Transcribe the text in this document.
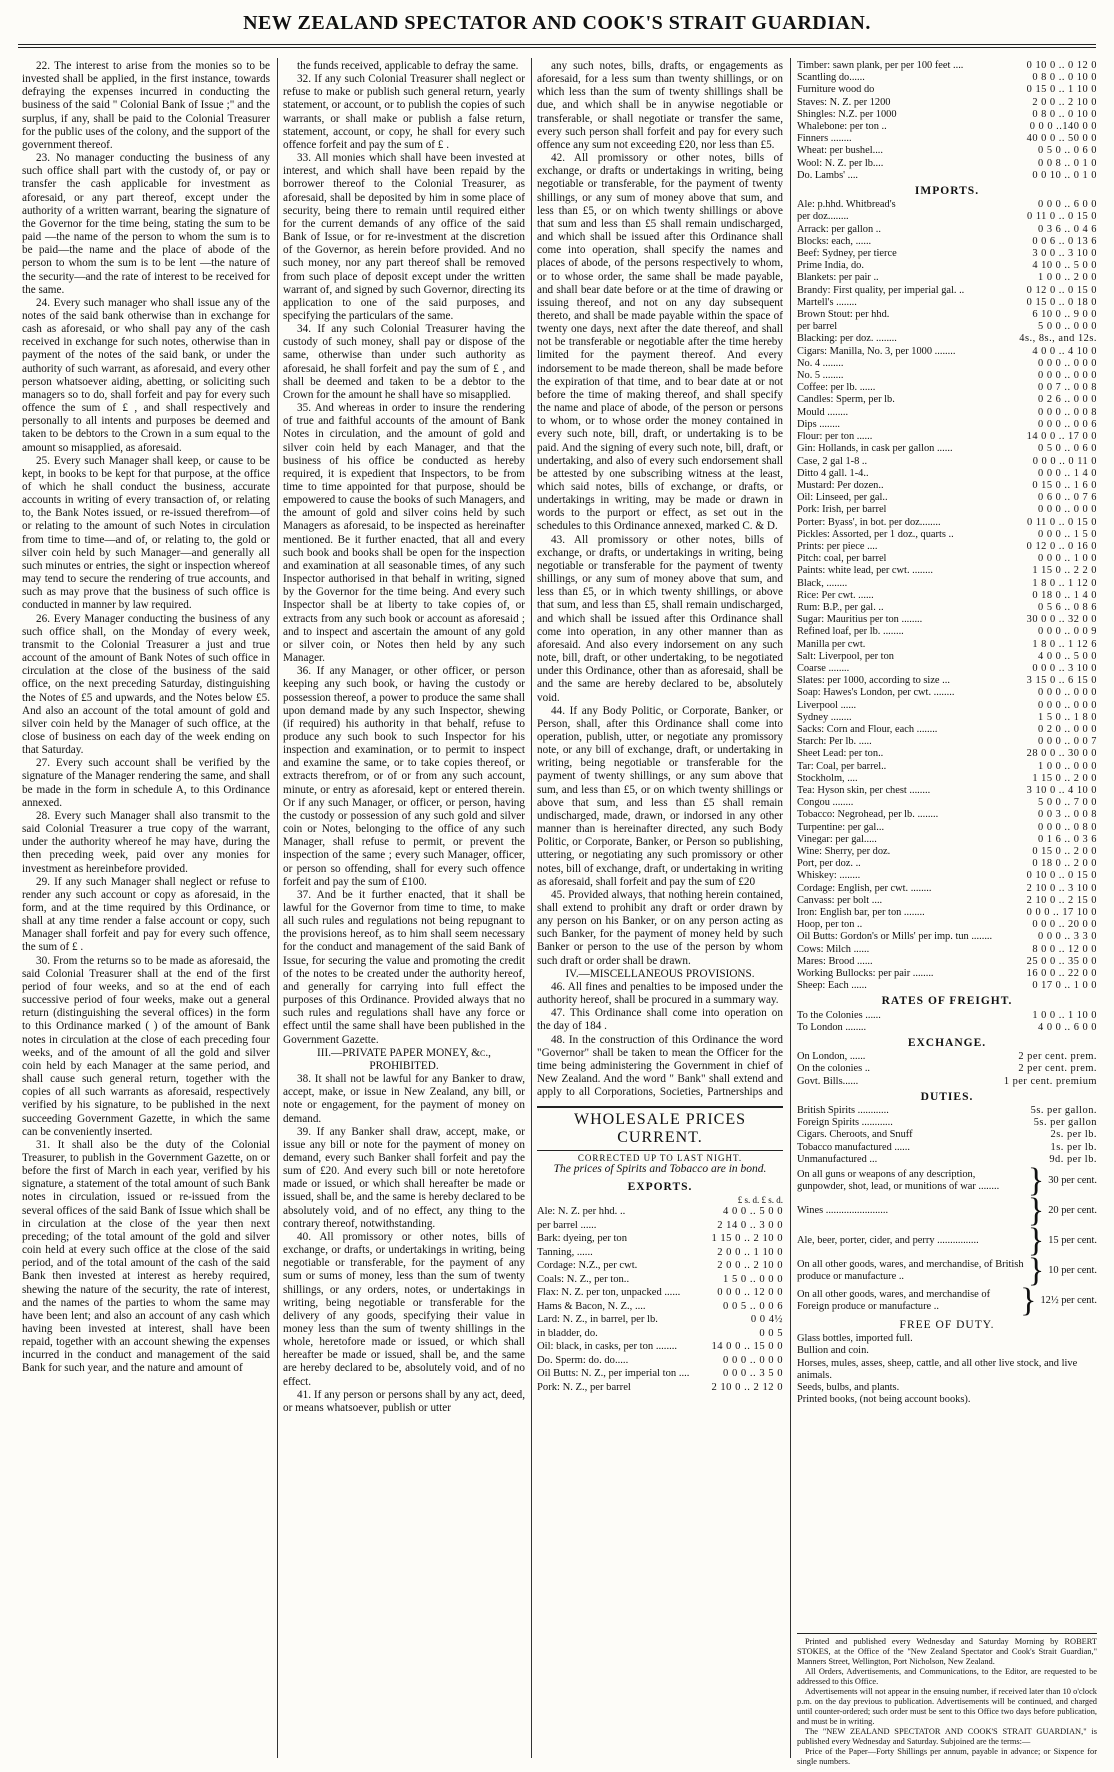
NEW ZEALAND SPECTATOR AND COOK'S STRAIT GUARDIAN.

22. The interest to arise from the monies so to be invested shall be applied, in the first instance, towards defraying the expenses incurred in conducting the business of the said " Colonial Bank of Issue ;" and the surplus, if any, shall be paid to the Colonial Treasurer for the public uses of the colony, and the support of the government thereof.

23. No manager conducting the business of any such office shall part with the custody of, or pay or transfer the cash applicable for investment as aforesaid, or any part thereof, except under the authority of a written warrant, bearing the signature of the Governor for the time being, stating the sum to be paid —the name of the person to whom the sum is to be paid—the name and the place of abode of the person to whom the sum is to be lent —the nature of the security—and the rate of interest to be received for the same.

24. Every such manager who shall issue any of the notes of the said bank otherwise than in exchange for cash as aforesaid, or who shall pay any of the cash received in exchange for such notes, otherwise than in payment of the notes of the said bank, or under the authority of such warrant, as aforesaid, and every other person whatsoever aiding, abetting, or soliciting such managers so to do, shall forfeit and pay for every such offence the sum of £ , and shall respectively and personally to all intents and purposes be deemed and taken to be debtors to the Crown in a sum equal to the amount so misapplied, as aforesaid.

25. Every such Manager shall keep, or cause to be kept, in books to be kept for that purpose, at the office of which he shall conduct the business, accurate accounts in writing of every transaction of, or relating to, the Bank Notes issued, or re-issued therefrom—of or relating to the amount of such Notes in circulation from time to time—and of, or relating to, the gold or silver coin held by such Manager—and generally all such minutes or entries, the sight or inspection whereof may tend to secure the rendering of true accounts, and such as may prove that the business of such office is conducted in manner by law required.

26. Every Manager conducting the business of any such office shall, on the Monday of every week, transmit to the Colonial Treasurer a just and true account of the amount of Bank Notes of such office in circulation at the close of the business of the said office, on the next preceding Saturday, distinguishing the Notes of £5 and upwards, and the Notes below £5. And also an account of the total amount of gold and silver coin held by the Manager of such office, at the close of business on each day of the week ending on that Saturday.

27. Every such account shall be verified by the signature of the Manager rendering the same, and shall be made in the form in schedule A, to this Ordinance annexed.

28. Every such Manager shall also transmit to the said Colonial Treasurer a true copy of the warrant, under the authority whereof he may have, during the then preceding week, paid over any monies for investment as hereinbefore provided.

29. If any such Manager shall neglect or refuse to render any such account or copy as aforesaid, in the form, and at the time required by this Ordinance, or shall at any time render a false account or copy, such Manager shall forfeit and pay for every such offence, the sum of £ .

30. From the returns so to be made as aforesaid, the said Colonial Treasurer shall at the end of the first period of four weeks, and so at the end of each successive period of four weeks, make out a general return (distinguishing the several offices) in the form to this Ordinance marked ( ) of the amount of Bank notes in circulation at the close of each preceding four weeks, and of the amount of all the gold and silver coin held by each Manager at the same period, and shall cause such general return, together with the copies of all such warrants as aforesaid, respectively verified by his signature, to be published in the next succeeding Government Gazette, in which the same can be conveniently inserted.

31. It shall also be the duty of the Colonial Treasurer, to publish in the Government Gazette, on or before the first of March in each year, verified by his signature, a statement of the total amount of such Bank notes in circulation, issued or re-issued from the several offices of the said Bank of Issue which shall be in circulation at the close of the year then next preceding; of the total amount of the gold and silver coin held at every such office at the close of the said period, and of the total amount of the cash of the said Bank then invested at interest as hereby required, shewing the nature of the security, the rate of interest, and the names of the parties to whom the same may have been lent; and also an account of any cash which having been invested at interest, shall have been repaid, together with an account shewing the expenses incurred in the conduct and management of the said Bank for such year, and the nature and amount of

the funds received, applicable to defray the same.

32. If any such Colonial Treasurer shall neglect or refuse to make or publish such general return, yearly statement, or account, or to publish the copies of such warrants, or shall make or publish a false return, statement, account, or copy, he shall for every such offence forfeit and pay the sum of £ .

33. All monies which shall have been invested at interest, and which shall have been repaid by the borrower thereof to the Colonial Treasurer, as aforesaid, shall be deposited by him in some place of security, being there to remain until required either for the current demands of any office of the said Bank of Issue, or for re-investment at the discretion of the Governor, as herein before provided. And no such money, nor any part thereof shall be removed from such place of deposit except under the written warrant of, and signed by such Governor, directing its application to one of the said purposes, and specifying the particulars of the same.

34. If any such Colonial Treasurer having the custody of such money, shall pay or dispose of the same, otherwise than under such authority as aforesaid, he shall forfeit and pay the sum of £ , and shall be deemed and taken to be a debtor to the Crown for the amount he shall have so misapplied.

35. And whereas in order to insure the rendering of true and faithful accounts of the amount of Bank Notes in circulation, and the amount of gold and silver coin held by each Manager, and that the business of his office be conducted as hereby required, it is expedient that Inspectors, to be from time to time appointed for that purpose, should be empowered to cause the books of such Managers, and the amount of gold and silver coins held by such Managers as aforesaid, to be inspected as hereinafter mentioned. Be it further enacted, that all and every such book and books shall be open for the inspection and examination at all seasonable times, of any such Inspector authorised in that behalf in writing, signed by the Governor for the time being. And every such Inspector shall be at liberty to take copies of, or extracts from any such book or account as aforesaid ; and to inspect and ascertain the amount of any gold or silver coin, or Notes then held by any such Manager.

36. If any Manager, or other officer, or person keeping any such book, or having the custody or possession thereof, a power to produce the same shall upon demand made by any such Inspector, shewing (if required) his authority in that behalf, refuse to produce any such book to such Inspector for his inspection and examination, or to permit to inspect and examine the same, or to take copies thereof, or extracts therefrom, or of or from any such account, minute, or entry as aforesaid, kept or entered therein. Or if any such Manager, or officer, or person, having the custody or possession of any such gold and silver coin or Notes, belonging to the office of any such Manager, shall refuse to permit, or prevent the inspection of the same ; every such Manager, officer, or person so offending, shall for every such offence forfeit and pay the sum of £100.

37. And be it further enacted, that it shall be lawful for the Governor from time to time, to make all such rules and regulations not being repugnant to the provisions hereof, as to him shall seem necessary for the conduct and management of the said Bank of Issue, for securing the value and promoting the credit of the notes to be created under the authority hereof, and generally for carrying into full effect the purposes of this Ordinance. Provided always that no such rules and regulations shall have any force or effect until the same shall have been published in the Government Gazette.

III.—PRIVATE PAPER MONEY, &c., PROHIBITED.

38. It shall not be lawful for any Banker to draw, accept, make, or issue in New Zealand, any bill, or note or engagement, for the payment of money on demand.

39. If any Banker shall draw, accept, make, or issue any bill or note for the payment of money on demand, every such Banker shall forfeit and pay the sum of £20. And every such bill or note heretofore made or issued, or which shall hereafter be made or issued, shall be, and the same is hereby declared to be absolutely void, and of no effect, any thing to the contrary thereof, notwithstanding.

40. All promissory or other notes, bills of exchange, or drafts, or undertakings in writing, being negotiable or transferable, for the payment of any sum or sums of money, less than the sum of twenty shillings, or any orders, notes, or undertakings in writing, being negotiable or transferable for the delivery of any goods, specifying their value in money less than the sum of twenty shillings in the whole, heretofore made or issued, or which shall hereafter be made or issued, shall be, and the same are hereby declared to be, absolutely void, and of no effect.

41. If any person or persons shall by any act, deed, or means whatsoever, publish or utter

any such notes, bills, drafts, or engagements as aforesaid, for a less sum than twenty shillings, or on which less than the sum of twenty shillings shall be due, and which shall be in anywise negotiable or transferable, or shall negotiate or transfer the same, every such person shall forfeit and pay for every such offence any sum not exceeding £20, nor less than £5.

42. All promissory or other notes, bills of exchange, or drafts or undertakings in writing, being negotiable or transferable, for the payment of twenty shillings, or any sum of money above that sum, and less than £5, or on which twenty shillings or above that sum and less than £5 shall remain undischarged, and which shall be issued after this Ordinance shall come into operation, shall specify the names and places of abode, of the persons respectively to whom, or to whose order, the same shall be made payable, and shall bear date before or at the time of drawing or issuing thereof, and not on any day subsequent thereto, and shall be made payable within the space of twenty one days, next after the date thereof, and shall not be transferable or negotiable after the time hereby limited for the payment thereof. And every indorsement to be made thereon, shall be made before the expiration of that time, and to bear date at or not before the time of making thereof, and shall specify the name and place of abode, of the person or persons to whom, or to whose order the money contained in every such note, bill, draft, or undertaking is to be paid. And the signing of every such note, bill, draft, or undertaking, and also of every such endorsement shall be attested by one subscribing witness at the least, which said notes, bills of exchange, or drafts, or undertakings in writing, may be made or drawn in words to the purport or effect, as set out in the schedules to this Ordinance annexed, marked C. & D.

43. All promissory or other notes, bills of exchange, or drafts, or undertakings in writing, being negotiable or transferable for the payment of twenty shillings, or any sum of money above that sum, and less than £5, or in which twenty shillings, or above that sum, and less than £5, shall remain undischarged, and which shall be issued after this Ordinance shall come into operation, in any other manner than as aforesaid. And also every indorsement on any such note, bill, draft, or other undertaking, to be negotiated under this Ordinance, other than as aforesaid, shall be and the same are hereby declared to be, absolutely void.

44. If any Body Politic, or Corporate, Banker, or Person, shall, after this Ordinance shall come into operation, publish, utter, or negotiate any promissory note, or any bill of exchange, draft, or undertaking in writing, being negotiable or transferable for the payment of twenty shillings, or any sum above that sum, and less than £5, or on which twenty shillings or above that sum, and less than £5 shall remain undischarged, made, drawn, or indorsed in any other manner than is hereinafter directed, any such Body Politic, or Corporate, Banker, or Person so publishing, uttering, or negotiating any such promissory or other notes, bill of exchange, draft, or undertaking in writing as aforesaid, shall forfeit and pay the sum of £20

45. Provided always, that nothing herein contained, shall extend to prohibit any draft or order drawn by any person on his Banker, or on any person acting as such Banker, for the payment of money held by such Banker or person to the use of the person by whom such draft or order shall be drawn.

IV.—MISCELLANEOUS PROVISIONS.

46. All fines and penalties to be imposed under the authority hereof, shall be procured in a summary way.

47. This Ordinance shall come into operation on the day of 184 .

48. In the construction of this Ordinance the word "Governor" shall be taken to mean the Officer for the time being administering the Government in chief of New Zealand. And the word " Bank" shall extend and apply to all Corporations, Societies, Partnerships and

WHOLESALE PRICES CURRENT.
CORRECTED UP TO LAST NIGHT.
The prices of Spirits and Tobacco are in bond.
EXPORTS.
£ s. d. £ s. d.
Ale: N. Z. per hhd. ..	4 0 0 .. 5 0 0
per barrel ......	2 14 0 .. 3 0 0
Bark: dyeing, per ton	1 15 0 .. 2 10 0
Tanning, ......	2 0 0 .. 1 10 0
Cordage: N.Z., per cwt.	2 0 0 .. 2 10 0
Coals: N. Z., per ton..	1 5 0 .. 0 0 0
Flax: N. Z. per ton, unpacked ......	0 0 0 .. 12 0 0
Hams & Bacon, N. Z., ....	0 0 5 .. 0 0 6
Lard: N. Z., in barrel, per lb.	0 0 4½
in bladder, do.	0 0 5
Oil: black, in casks, per ton ........	14 0 0 .. 15 0 0
Do. Sperm: do. do.....	0 0 0 .. 0 0 0
Oil Butts: N. Z., per imperial ton ....	0 0 0 .. 3 5 0
Pork: N. Z., per barrel	2 10 0 .. 2 12 0
Timber: sawn plank, per per 100 feet ....	0 10 0 .. 0 12 0
Scantling do......	0 8 0 .. 0 10 0
Furniture wood do	0 15 0 .. 1 10 0
Staves: N. Z. per 1200	2 0 0 .. 2 10 0
Shingles: N.Z. per 1000	0 8 0 .. 0 10 0
Whalebone: per ton ..	0 0 0 ..140 0 0
Finners ........	40 0 0 .. 50 0 0
Wheat: per bushel....	0 5 0 .. 0 6 0
Wool: N. Z. per lb....	0 0 8 .. 0 1 0
Do. Lambs' ....	0 0 10 .. 0 1 0
IMPORTS.
Ale: p.hhd. Whitbread's	0 0 0 .. 6 0 0
per doz........	0 11 0 .. 0 15 0
Arrack: per gallon ..	0 3 6 .. 0 4 6
Blocks: each, ......	0 0 6 .. 0 13 6
Beef: Sydney, per tierce	3 0 0 .. 3 10 0
Prime India, do.	4 10 0 .. 5 0 0
Blankets: per pair ..	1 0 0 .. 2 0 0
Brandy: First quality, per imperial gal. ..	0 12 0 .. 0 15 0
Martell's ........	0 15 0 .. 0 18 0
Brown Stout: per hhd.	6 10 0 .. 9 0 0
per barrel	5 0 0 .. 0 0 0
Blacking: per doz. ........	4s., 8s., and 12s.
Cigars: Manilla, No. 3, per 1000 ........	4 0 0 .. 4 10 0
No. 4 ........	0 0 0 .. 0 0 0
No. 5 ........	0 0 0 .. 0 0 0
Coffee: per lb. ......	0 0 7 .. 0 0 8
Candles: Sperm, per lb.	0 2 6 .. 0 0 0
Mould ........	0 0 0 .. 0 0 8
Dips ........	0 0 0 .. 0 0 6
Flour: per ton ......	14 0 0 .. 17 0 0
Gin: Hollands, in cask per gallon ......	0 5 0 .. 0 6 0
Case, 2 gal 1-8 ..	0 0 0 .. 0 11 0
Ditto 4 gall. 1-4..	0 0 0 .. 1 4 0
Mustard: Per dozen..	0 15 0 .. 1 6 0
Oil: Linseed, per gal..	0 6 0 .. 0 7 6
Pork: Irish, per barrel	0 0 0 .. 0 0 0
Porter: Byass', in bot. per doz........	0 11 0 .. 0 15 0
Pickles: Assorted, per 1 doz., quarts ..	0 0 0 .. 1 5 0
Prints: per piece ....	0 12 0 .. 0 16 0
Pitch: coal, per barrel	0 0 0 .. 1 0 0
Paints: white lead, per cwt. ........	1 15 0 .. 2 2 0
Black, ........	1 8 0 .. 1 12 0
Rice: Per cwt. ......	0 18 0 .. 1 4 0
Rum: B.P., per gal. ..	0 5 6 .. 0 8 6
Sugar: Mauritius per ton ........	30 0 0 .. 32 0 0
Refined loaf, per lb. ........	0 0 0 .. 0 0 9
Manilla per cwt.	1 8 0 .. 1 12 6
Salt: Liverpool, per ton	4 0 0 .. 5 0 0
Coarse ........	0 0 0 .. 3 10 0
Slates: per 1000, according to size ...	3 15 0 .. 6 15 0
Soap: Hawes's London, per cwt. ........	0 0 0 .. 0 0 0
Liverpool ......	0 0 0 .. 0 0 0
Sydney ........	1 5 0 .. 1 8 0
Sacks: Corn and Flour, each ........	0 2 0 .. 0 0 0
Starch: Per lb. .....	0 0 0 .. 0 0 7
Sheet Lead: per ton..	28 0 0 .. 30 0 0
Tar: Coal, per barrel..	1 0 0 .. 0 0 0
Stockholm, ....	1 15 0 .. 2 0 0
Tea: Hyson skin, per chest ........	3 10 0 .. 4 10 0
Congou ........	5 0 0 .. 7 0 0
Tobacco: Negrohead, per lb. ........	0 0 3 .. 0 0 8
Turpentine: per gal...	0 0 0 .. 0 8 0
Vinegar: per gal.....	0 1 6 .. 0 3 6
Wine: Sherry, per doz.	0 15 0 .. 2 0 0
Port, per doz. ..	0 18 0 .. 2 0 0
Whiskey: ........	0 10 0 .. 0 15 0
Cordage: English, per cwt. ........	2 10 0 .. 3 10 0
Canvass: per bolt ....	2 10 0 .. 2 15 0
Iron: English bar, per ton ........	0 0 0 .. 17 10 0
Hoop, per ton ..	0 0 0 .. 20 0 0
Oil Butts: Gordon's or Mills' per imp. tun ........	0 0 0 .. 3 3 0
Cows: Milch ......	8 0 0 .. 12 0 0
Mares: Brood ......	25 0 0 .. 35 0 0
Working Bullocks: per pair ........	16 0 0 .. 22 0 0
Sheep: Each ......	0 17 0 .. 1 0 0
RATES OF FREIGHT.
To the Colonies ......	1 0 0 .. 1 10 0
To London ........	4 0 0 .. 6 0 0
EXCHANGE.
On London, ......	2 per cent. prem.
On the colonies ..	2 per cent. prem.
Govt. Bills......	1 per cent. premium
DUTIES.
British Spirits ............	5s. per gallon.
Foreign Spirits ............	5s. per gallon
Cigars. Cheroots, and Snuff	2s. per lb.
Tobacco manufactured ......	1s. per lb.
Unmanufactured ...	9d. per lb.
On all guns or weapons of any description, gunpowder, shot, lead, or munitions of war ........ } 30 per cent.
Wines ........................	} 20 per cent.
Ale, beer, porter, cider, and perry ................	} 15 per cent.
On all other goods, wares, and merchandise, of British produce or manufacture ..	} 10 per cent.
On all other goods, wares, and merchandise of Foreign produce or manufacture ..	} 12½ per cent.
FREE OF DUTY.
Glass bottles, imported full.
Bullion and coin.
Horses, mules, asses, sheep, cattle, and all other live stock, and live animals.
Seeds, bulbs, and plants.
Printed books, (not being account books).

Printed and published every Wednesday and Saturday Morning by ROBERT STOKES, at the Office of the "New Zealand Spectator and Cook's Strait Guardian," Manners Street, Wellington, Port Nicholson, New Zealand.

All Orders, Advertisements, and Communications, to the Editor, are requested to be addressed to this Office.

Advertisements will not appear in the ensuing number, if received later than 10 o'clock p.m. on the day previous to publication. Advertisements will be continued, and charged until counter-ordered; such order must be sent to this Office two days before publication, and must be in writing.

The "NEW ZEALAND SPECTATOR AND COOK'S STRAIT GUARDIAN," is published every Wednesday and Saturday. Subjoined are the terms:—

Price of the Paper—Forty Shillings per annum, payable in advance; or Sixpence for single numbers.
